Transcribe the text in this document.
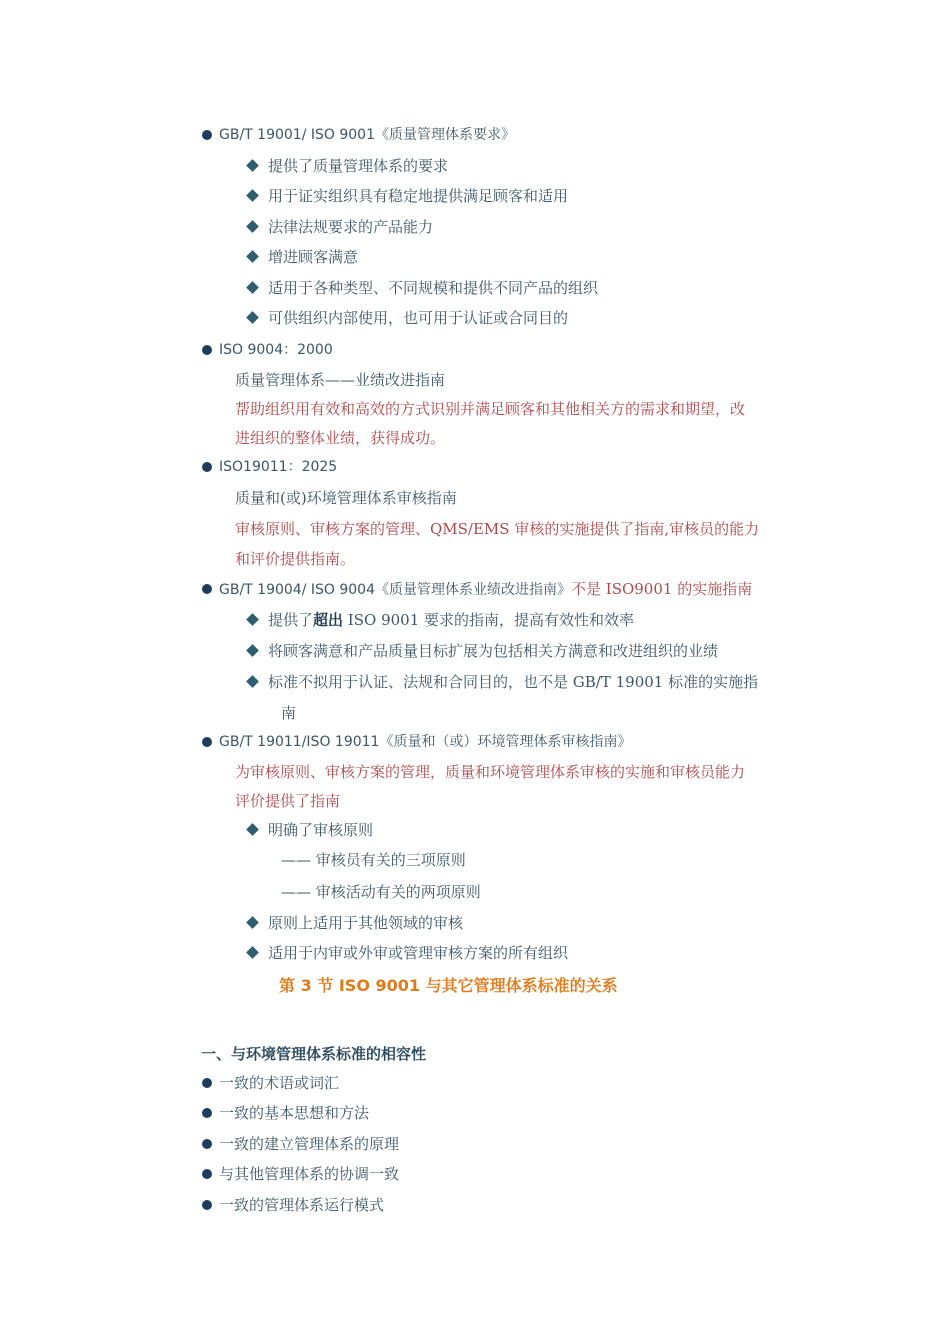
GB/T 19001/ ISO 9001《质量管理体系要求》
提供了质量管理体系的要求
用于证实组织具有稳定地提供满足顾客和适用
法律法规要求的产品能力
增进顾客满意
适用于各种类型、不同规模和提供不同产品的组织
可供组织内部使用，也可用于认证或合同目的
ISO 9004：2000
质量管理体系——业绩改进指南
帮助组织用有效和高效的方式识别并满足顾客和其他相关方的需求和期望，改
进组织的整体业绩，获得成功。
ISO19011：2025
质量和(或)环境管理体系审核指南
审核原则、审核方案的管理、QMS/EMS 审核的实施提供了指南,审核员的能力
和评价提供指南。
GB/T 19004/ ISO 9004《质量管理体系业绩改进指南》不是 ISO9001 的实施指南
提供了超出 ISO 9001 要求的指南，提高有效性和效率
将顾客满意和产品质量目标扩展为包括相关方满意和改进组织的业绩
标准不拟用于认证、法规和合同目的，也不是 GB/T 19001 标准的实施指
南
GB/T 19011/ISO 19011《质量和（或）环境管理体系审核指南》
为审核原则、审核方案的管理，质量和环境管理体系审核的实施和审核员能力
评价提供了指南
明确了审核原则
—— 审核员有关的三项原则
—— 审核活动有关的两项原则
原则上适用于其他领域的审核
适用于内审或外审或管理审核方案的所有组织
第 3 节 ISO 9001 与其它管理体系标准的关系
一、与环境管理体系标准的相容性
一致的术语或词汇
一致的基本思想和方法
一致的建立管理体系的原理
与其他管理体系的协调一致
一致的管理体系运行模式
